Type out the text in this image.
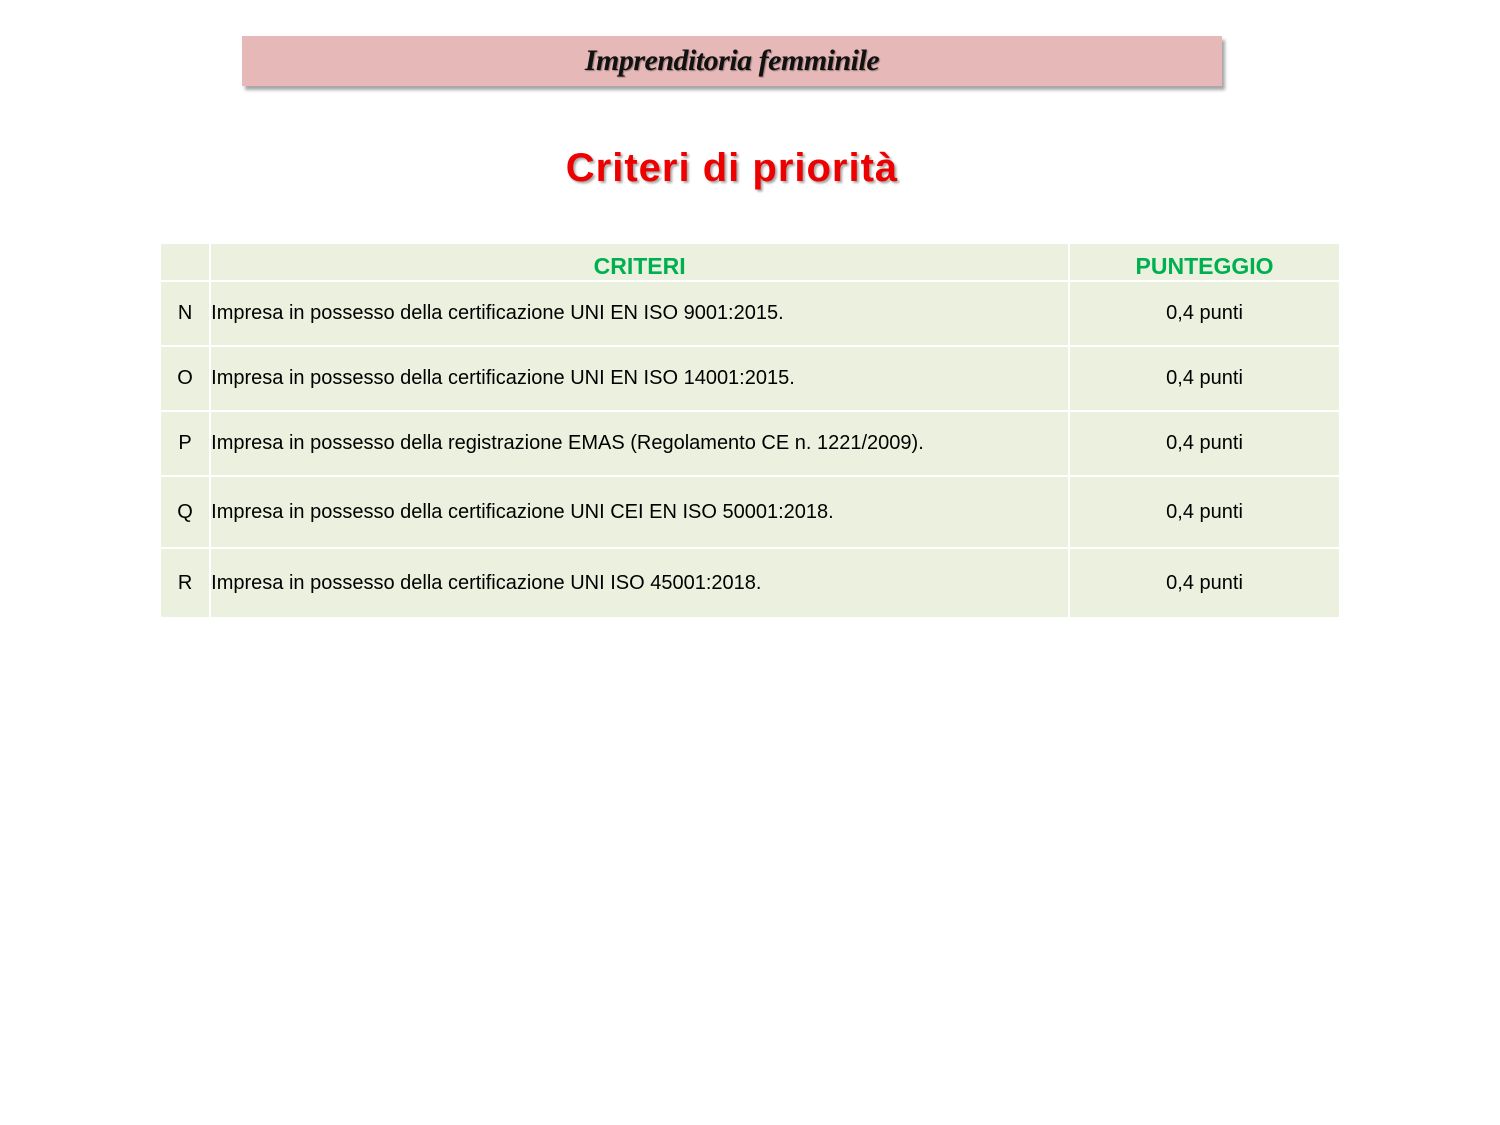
Imprenditoria femminile
Criteri di priorità
	CRITERI	PUNTEGGIO
N	Impresa in possesso della certificazione UNI EN ISO 9001:2015.	0,4 punti
O	Impresa in possesso della certificazione UNI EN ISO 14001:2015.	0,4 punti
P	Impresa in possesso della registrazione EMAS (Regolamento CE n. 1221/2009).	0,4 punti
Q	Impresa in possesso della certificazione UNI CEI EN ISO 50001:2018.	0,4 punti
R	Impresa in possesso della certificazione UNI ISO 45001:2018.	0,4 punti
